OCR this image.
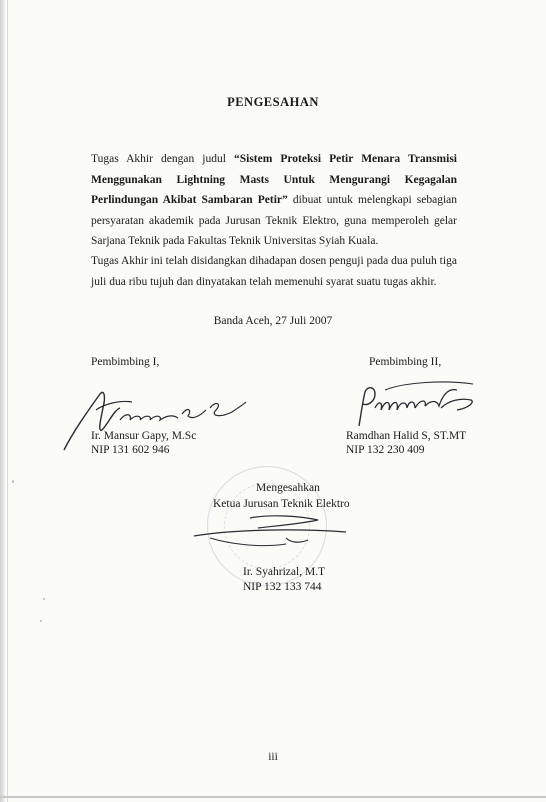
PENGESAHAN
Tugas Akhir dengan judul “Sistem Proteksi Petir Menara Transmisi Menggunakan Lightning Masts Untuk Mengurangi Kegagalan Perlindungan Akibat Sambaran Petir” dibuat untuk melengkapi sebagian persyaratan akademik pada Jurusan Teknik Elektro, guna memperoleh gelar Sarjana Teknik pada Fakultas Teknik Universitas Syiah Kuala.
Tugas Akhir ini telah disidangkan dihadapan dosen penguji pada dua puluh tiga juli dua ribu tujuh dan dinyatakan telah memenuhi syarat suatu tugas akhir.
Banda Aceh, 27 Juli 2007
Pembimbing I,	Pembimbing II,
Ir. Mansur Gapy, M.Sc
NIP 131 602 946
Ramdhan Halid S, ST.MT
NIP 132 230 409
Mengesahkan
Ketua Jurusan Teknik Elektro
Ir. Syahrizal, M.T
NIP 132 133 744
iii
